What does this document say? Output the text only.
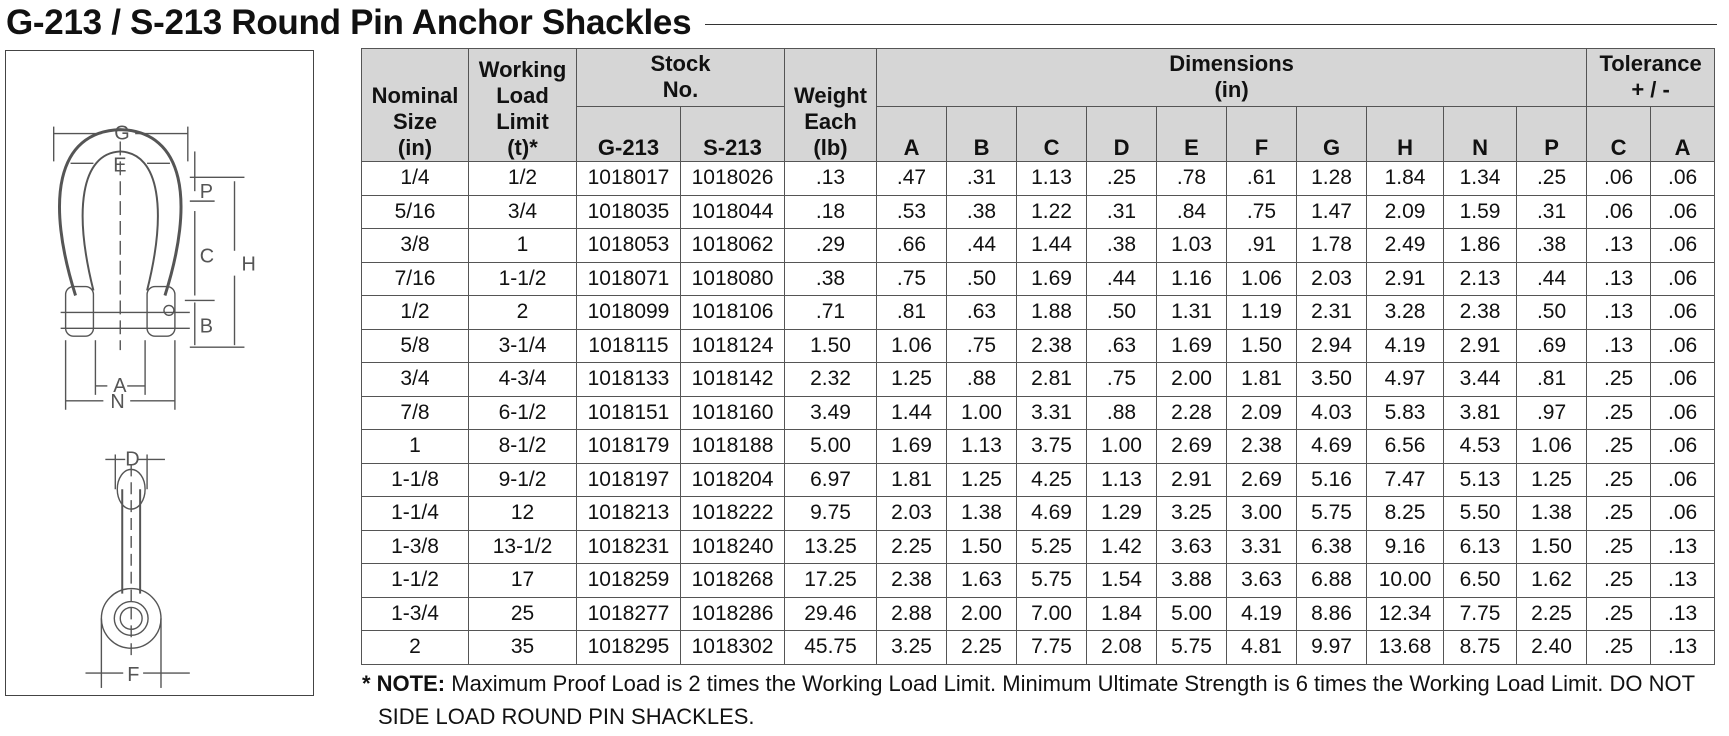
G-213 / S-213 Round Pin Anchor Shackles
G
E
P
C H
B
A
N
D
F
Nominal
Size
(in)	Working
Load
Limit
(t)*	Stock
No.		Weight
Each
(lb)	Dimensions
(in)										Tolerance
+ / -	

		G-213	S-213		A	B	C	D	E	F	G	H	N	P	C	A
1/4	1/2	1018017	1018026	.13	.47	.31	1.13	.25	.78	.61	1.28	1.84	1.34	.25	.06	.06
5/16	3/4	1018035	1018044	.18	.53	.38	1.22	.31	.84	.75	1.47	2.09	1.59	.31	.06	.06
3/8	1	1018053	1018062	.29	.66	.44	1.44	.38	1.03	.91	1.78	2.49	1.86	.38	.13	.06
7/16	1-1/2	1018071	1018080	.38	.75	.50	1.69	.44	1.16	1.06	2.03	2.91	2.13	.44	.13	.06
1/2	2	1018099	1018106	.71	.81	.63	1.88	.50	1.31	1.19	2.31	3.28	2.38	.50	.13	.06
5/8	3-1/4	1018115	1018124	1.50	1.06	.75	2.38	.63	1.69	1.50	2.94	4.19	2.91	.69	.13	.06
3/4	4-3/4	1018133	1018142	2.32	1.25	.88	2.81	.75	2.00	1.81	3.50	4.97	3.44	.81	.25	.06
7/8	6-1/2	1018151	1018160	3.49	1.44	1.00	3.31	.88	2.28	2.09	4.03	5.83	3.81	.97	.25	.06
1	8-1/2	1018179	1018188	5.00	1.69	1.13	3.75	1.00	2.69	2.38	4.69	6.56	4.53	1.06	.25	.06
1-1/8	9-1/2	1018197	1018204	6.97	1.81	1.25	4.25	1.13	2.91	2.69	5.16	7.47	5.13	1.25	.25	.06
1-1/4	12	1018213	1018222	9.75	2.03	1.38	4.69	1.29	3.25	3.00	5.75	8.25	5.50	1.38	.25	.06
1-3/8	13-1/2	1018231	1018240	13.25	2.25	1.50	5.25	1.42	3.63	3.31	6.38	9.16	6.13	1.50	.25	.13
1-1/2	17	1018259	1018268	17.25	2.38	1.63	5.75	1.54	3.88	3.63	6.88	10.00	6.50	1.62	.25	.13
1-3/4	25	1018277	1018286	29.46	2.88	2.00	7.00	1.84	5.00	4.19	8.86	12.34	7.75	2.25	.25	.13
2	35	1018295	1018302	45.75	3.25	2.25	7.75	2.08	5.75	4.81	9.97	13.68	8.75	2.40	.25	.13
* NOTE: Maximum Proof Load is 2 times the Working Load Limit. Minimum Ultimate Strength is 6 times the Working Load Limit. DO NOT
SIDE LOAD ROUND PIN SHACKLES.
